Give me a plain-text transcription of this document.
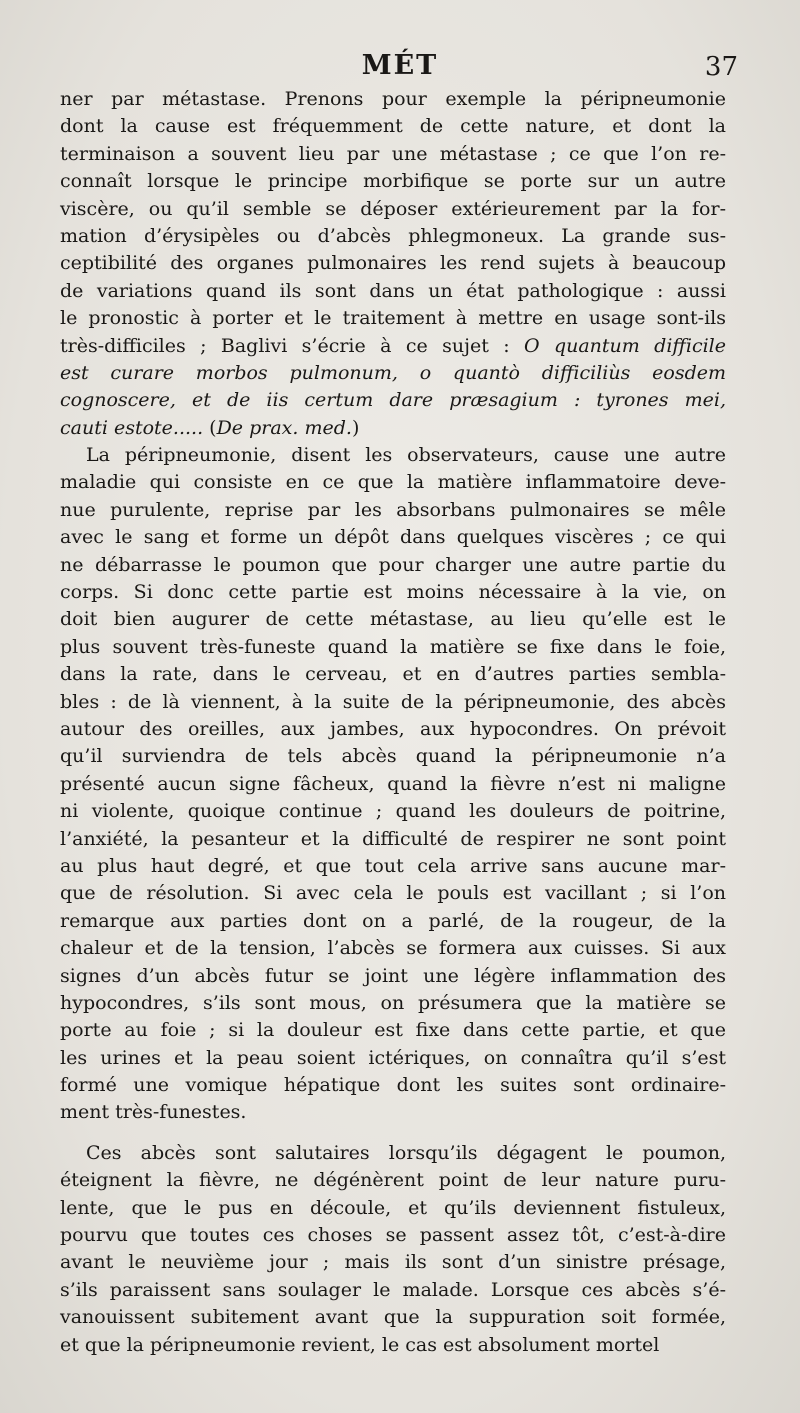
MÉT	37
ner par métastase. Prenons pour exemple la péripneumonie
dont la cause est fréquemment de cette nature, et dont la
terminaison a souvent lieu par une métastase ; ce que l’on re-
connaît lorsque le principe morbifique se porte sur un autre
viscère, ou qu’il semble se déposer extérieurement par la for-
mation d’érysipèles ou d’abcès phlegmoneux. La grande sus-
ceptibilité des organes pulmonaires les rend sujets à beaucoup
de variations quand ils sont dans un état pathologique : aussi
le pronostic à porter et le traitement à mettre en usage sont-ils
très-difficiles ; Baglivi s’écrie à ce sujet : O quantum difficile
est curare morbos pulmonum, o quantò difficiliùs eosdem
cognoscere, et de iis certum dare præsagium : tyrones mei,
cauti estote..... (De prax. med.)
La péripneumonie, disent les observateurs, cause une autre
maladie qui consiste en ce que la matière inflammatoire deve-
nue purulente, reprise par les absorbans pulmonaires se mêle
avec le sang et forme un dépôt dans quelques viscères ; ce qui
ne débarrasse le poumon que pour charger une autre partie du
corps. Si donc cette partie est moins nécessaire à la vie, on
doit bien augurer de cette métastase, au lieu qu’elle est le
plus souvent très-funeste quand la matière se fixe dans le foie,
dans la rate, dans le cerveau, et en d’autres parties sembla-
bles : de là viennent, à la suite de la péripneumonie, des abcès
autour des oreilles, aux jambes, aux hypocondres. On prévoit
qu’il surviendra de tels abcès quand la péripneumonie n’a
présenté aucun signe fâcheux, quand la fièvre n’est ni maligne
ni violente, quoique continue ; quand les douleurs de poitrine,
l’anxiété, la pesanteur et la difficulté de respirer ne sont point
au plus haut degré, et que tout cela arrive sans aucune mar-
que de résolution. Si avec cela le pouls est vacillant ; si l’on
remarque aux parties dont on a parlé, de la rougeur, de la
chaleur et de la tension, l’abcès se formera aux cuisses. Si aux
signes d’un abcès futur se joint une légère inflammation des
hypocondres, s’ils sont mous, on présumera que la matière se
porte au foie ; si la douleur est fixe dans cette partie, et que
les urines et la peau soient ictériques, on connaîtra qu’il s’est
formé une vomique hépatique dont les suites sont ordinaire-
ment très-funestes.
Ces abcès sont salutaires lorsqu’ils dégagent le poumon,
éteignent la fièvre, ne dégénèrent point de leur nature puru-
lente, que le pus en découle, et qu’ils deviennent fistuleux,
pourvu que toutes ces choses se passent assez tôt, c’est-à-dire
avant le neuvième jour ; mais ils sont d’un sinistre présage,
s’ils paraissent sans soulager le malade. Lorsque ces abcès s’é-
vanouissent subitement avant que la suppuration soit formée,
et que la péripneumonie revient, le cas est absolument mortel
